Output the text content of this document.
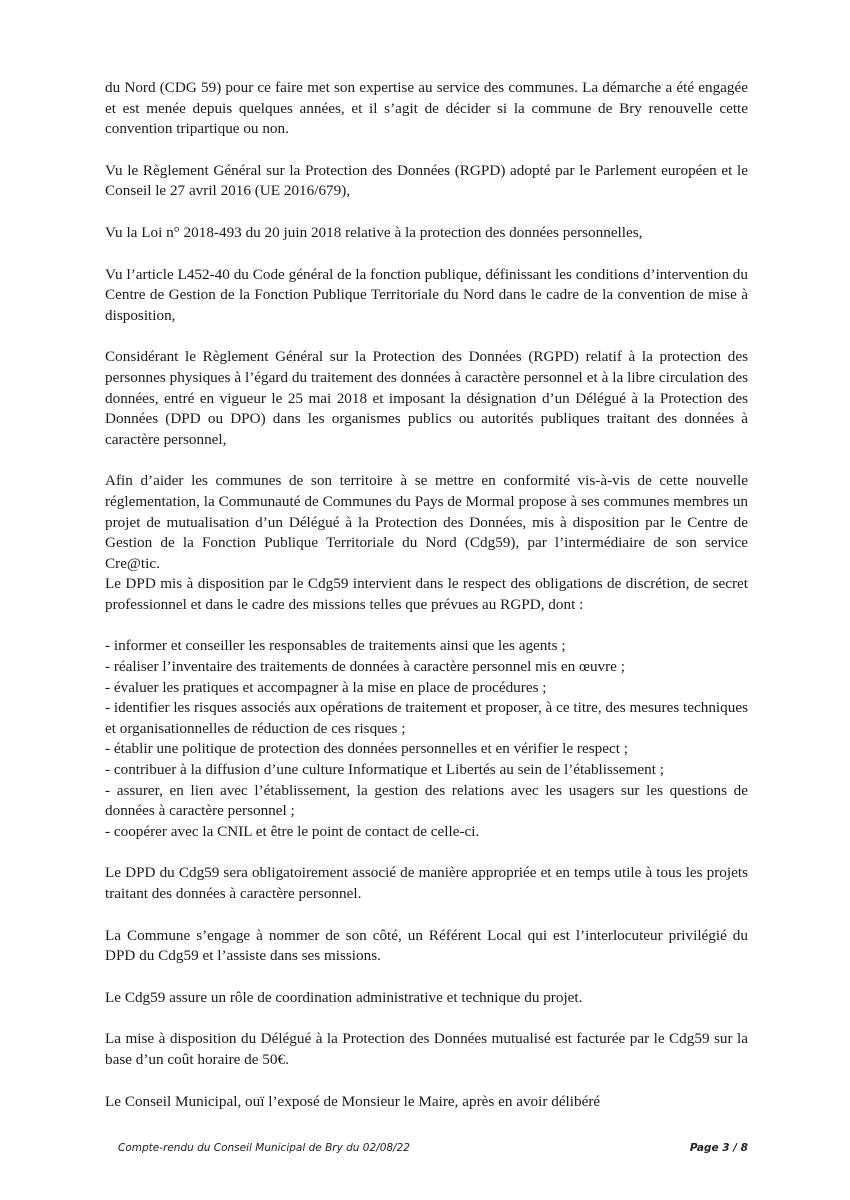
du Nord (CDG 59) pour ce faire met son expertise au service des communes. La démarche a été engagée et est menée depuis quelques années, et il s’agit de décider si la commune de Bry renouvelle cette convention tripartique ou non.

Vu le Règlement Général sur la Protection des Données (RGPD) adopté par le Parlement européen et le Conseil le 27 avril 2016 (UE 2016/679),

Vu la Loi n° 2018-493 du 20 juin 2018 relative à la protection des données personnelles,

Vu l’article L452-40 du Code général de la fonction publique, définissant les conditions d’intervention du Centre de Gestion de la Fonction Publique Territoriale du Nord dans le cadre de la convention de mise à disposition,

Considérant le Règlement Général sur la Protection des Données (RGPD) relatif à la protection des personnes physiques à l’égard du traitement des données à caractère personnel et à la libre circulation des données, entré en vigueur le 25 mai 2018 et imposant la désignation d’un Délégué à la Protection des Données (DPD ou DPO) dans les organismes publics ou autorités publiques traitant des données à caractère personnel,

Afin d’aider les communes de son territoire à se mettre en conformité vis-à-vis de cette nouvelle réglementation, la Communauté de Communes du Pays de Mormal propose à ses communes membres un projet de mutualisation d’un Délégué à la Protection des Données, mis à disposition par le Centre de Gestion de la Fonction Publique Territoriale du Nord (Cdg59), par l’intermédiaire de son service Cre@tic.

Le DPD mis à disposition par le Cdg59 intervient dans le respect des obligations de discrétion, de secret professionnel et dans le cadre des missions telles que prévues au RGPD, dont :

- informer et conseiller les responsables de traitements ainsi que les agents ;
- réaliser l’inventaire des traitements de données à caractère personnel mis en œuvre ;
- évaluer les pratiques et accompagner à la mise en place de procédures ;
- identifier les risques associés aux opérations de traitement et proposer, à ce titre, des mesures techniques et organisationnelles de réduction de ces risques ;
- établir une politique de protection des données personnelles et en vérifier le respect ;
- contribuer à la diffusion d’une culture Informatique et Libertés au sein de l’établissement ;
- assurer, en lien avec l’établissement, la gestion des relations avec les usagers sur les questions de données à caractère personnel ;
- coopérer avec la CNIL et être le point de contact de celle-ci.

Le DPD du Cdg59 sera obligatoirement associé de manière appropriée et en temps utile à tous les projets traitant des données à caractère personnel.

La Commune s’engage à nommer de son côté, un Référent Local qui est l’interlocuteur privilégié du DPD du Cdg59 et l’assiste dans ses missions.

Le Cdg59 assure un rôle de coordination administrative et technique du projet.

La mise à disposition du Délégué à la Protection des Données mutualisé est facturée par le Cdg59 sur la base d’un coût horaire de 50€.

Le Conseil Municipal, ouï l’exposé de Monsieur le Maire, après en avoir délibéré

Compte-rendu du Conseil Municipal de Bry du 02/08/22	Page 3 / 8
